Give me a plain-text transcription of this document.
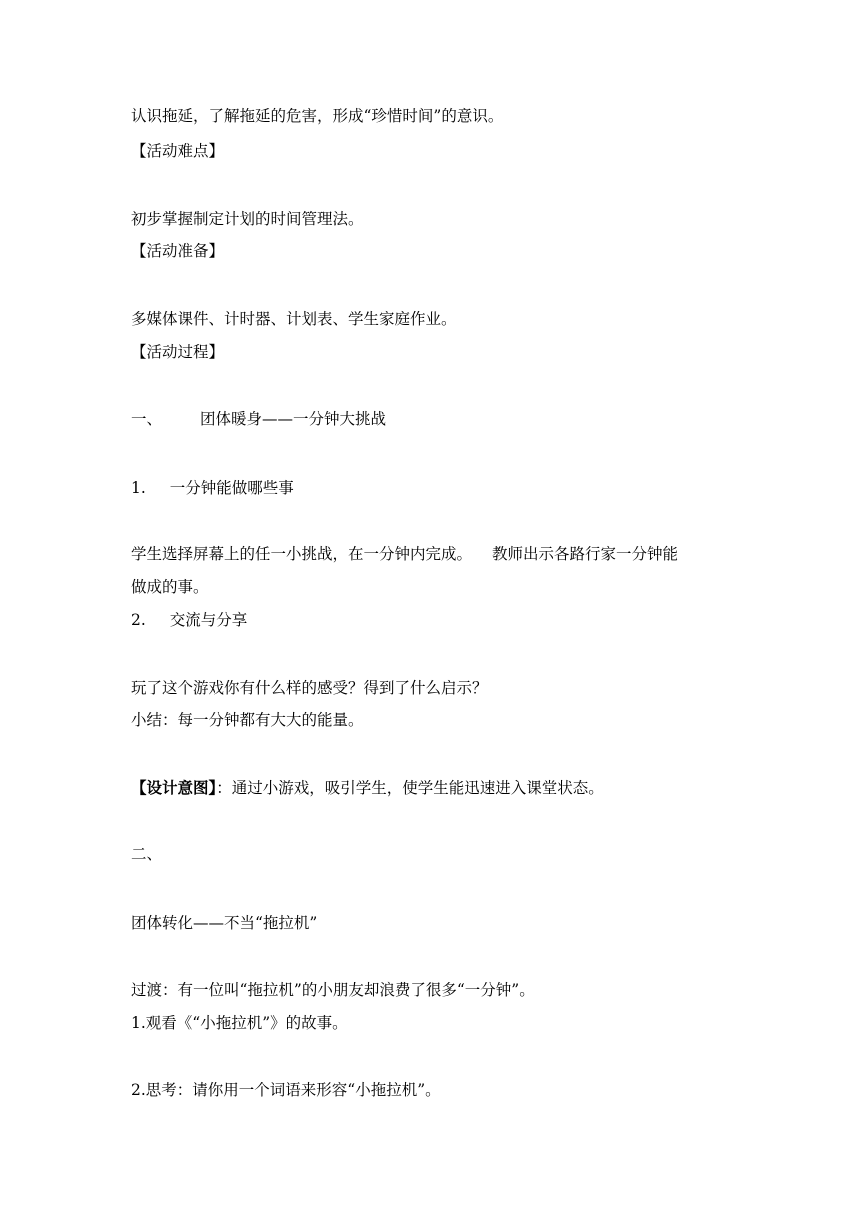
认识拖延，了解拖延的危害，形成“珍惜时间”的意识。
【活动难点】
初步掌握制定计划的时间管理法。
【活动准备】
多媒体课件、计时器、计划表、学生家庭作业。
【活动过程】
一、 团体暖身——一分钟大挑战
1. 一分钟能做哪些事
学生选择屏幕上的任一小挑战，在一分钟内完成。 教师出示各路行家一分钟能
做成的事。
2. 交流与分享
玩了这个游戏你有什么样的感受？得到了什么启示？
小结：每一分钟都有大大的能量。
【设计意图】：通过小游戏，吸引学生，使学生能迅速进入课堂状态。
二、
团体转化——不当“拖拉机”
过渡：有一位叫“拖拉机”的小朋友却浪费了很多“一分钟”。
1.观看《“小拖拉机”》的故事。
2.思考：请你用一个词语来形容“小拖拉机”。
